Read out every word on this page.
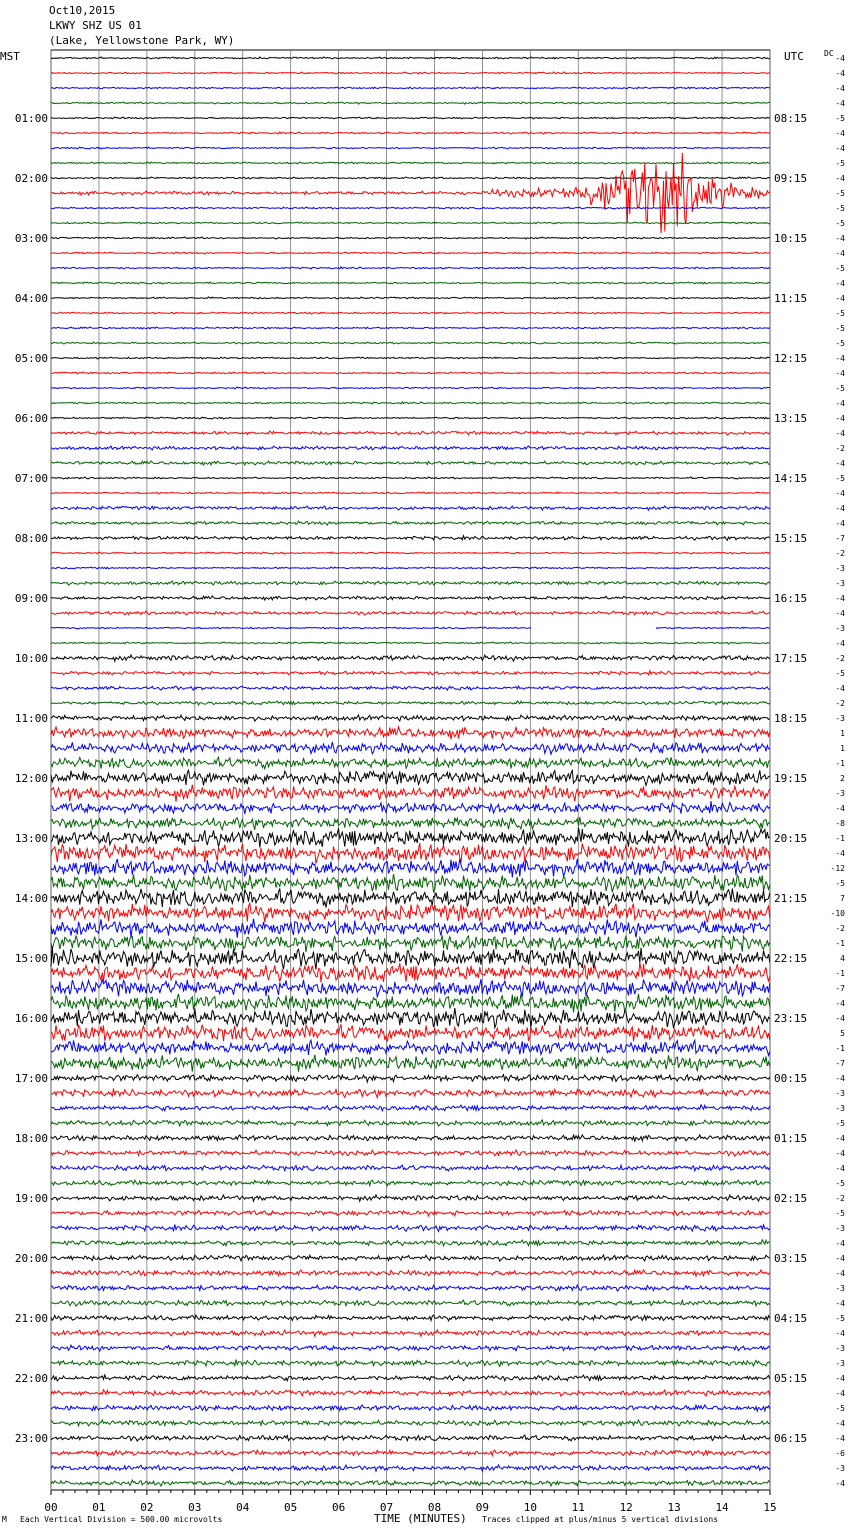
Oct10,2015
LKWY SHZ US 01
(Lake, Yellowstone Park, WY)
MST	UTC	DC
00	01	02	03	04	05	06	07	08	09	10	11	12	13	14	15
01:00
02:00
03:00
04:00
05:00
06:00
07:00
08:00
09:00
10:00
11:00
12:00
13:00
14:00
15:00
16:00
17:00
18:00
19:00
20:00
21:00
22:00
23:00
08:15
09:15
10:15
11:15
12:15
13:15
14:15
15:15
16:15
17:15
18:15
19:15
20:15
21:15
22:15
23:15
00:15
01:15
02:15
03:15
04:15
05:15
06:15
-4
-4
-4
-4
-5
-4
-4
-5
-4
-5
-5
-5
-4
-4
-5
-4
-4
-5
-5
-5
-4
-4
-5
-4
-4
-4
-2
-4
-5
-4
-4
-4
-7
-2
-3
-3
-4
-4
-3
-4
-2
-5
-4
-2
-3
1
1
-1
2
-3
-4
-8
-1
-4
-12
-5
7
-10
-2
-1
4
-1
-7
-4
-4
5
-1
-7
-4
-3
-3
-5
-4
-4
-4
-5
-2
-5
-3
-4
-4
-4
-3
-4
-5
-4
-3
-3
-4
-4
-5
-4
-4
-6
-3
-4
TIME (MINUTES)
M Each Vertical Division = 500.00 microvolts	Traces clipped at plus/minus 5 vertical divisions
